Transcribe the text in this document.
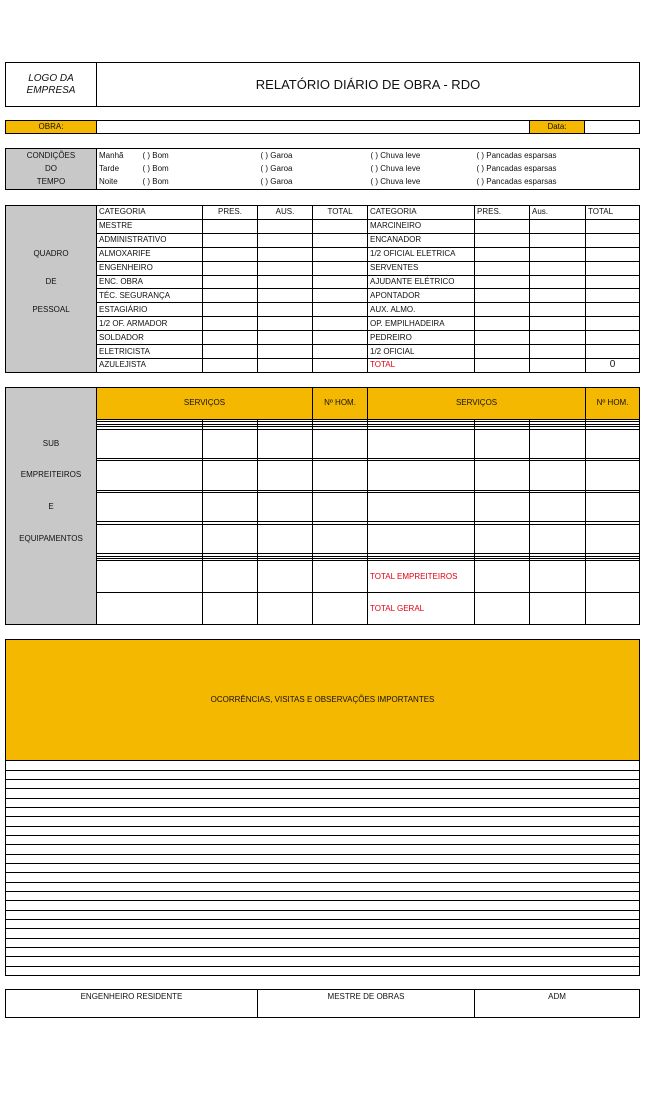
LOGO DA EMPRESA	RELATÓRIO DIÁRIO DE OBRA - RDO
OBRA:		Data:	
CONDIÇÕES	Manhã	( ) Bom	( ) Garoa	( ) Chuva leve	( ) Pancadas esparsas
DO	Tarde	( ) Bom	( ) Garoa	( ) Chuva leve	( ) Pancadas esparsas
TEMPO	Noite	( ) Bom	( ) Garoa	( ) Chuva leve	( ) Pancadas esparsas
	CATEGORIA	PRES.	AUS.	TOTAL	CATEGORIA	PRES.	Aus.	TOTAL
	MESTRE				MARCINEIRO			
	ADMINISTRATIVO				ENCANADOR			
QUADRO	ALMOXARIFE				1/2 OFICIAL ELETRICA			
	ENGENHEIRO				SERVENTES			
DE	ENC. OBRA				AJUDANTE ELÉTRICO			
	TÉC. SEGURANÇA				APONTADOR			
PESSOAL	ESTAGIÁRIO				AUX. ALMO.			
	1/2 OF. ARMADOR				OP. EMPILHADEIRA			
	SOLDADOR				PEDREIRO			
	ELETRICISTA				1/2 OFICIAL			
	AZULEJISTA				TOTAL			0
	SERVIÇOS			Nº HOM.	SERVIÇOS			Nº HOM.

SUB								

EMPREITEIROS								

E								

EQUIPAMENTOS								

					TOTAL EMPREITEIROS			
					TOTAL GERAL			
OCORRÊNCIAS, VISITAS E OBSERVAÇÕES IMPORTANTES

ENGENHEIRO RESIDENTE	MESTRE DE OBRAS	ADM
